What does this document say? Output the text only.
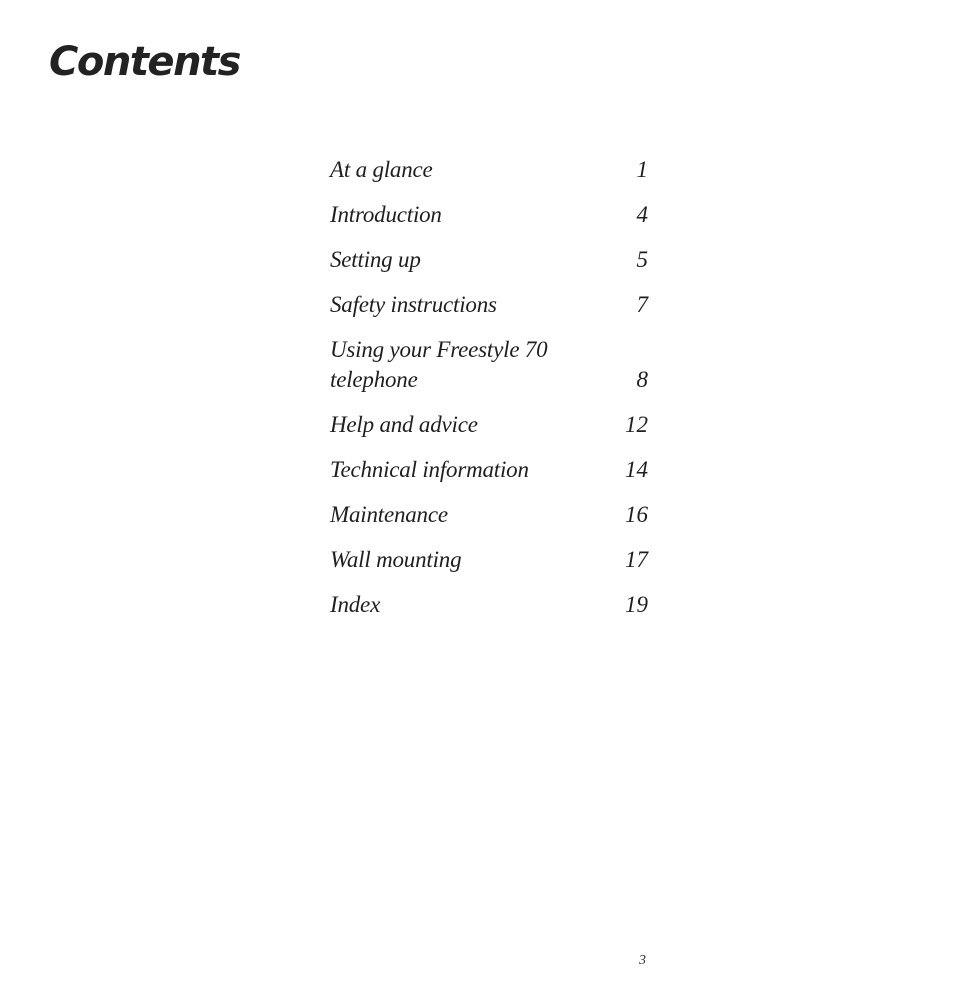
Contents
At a glance	1
Introduction	4
Setting up	5
Safety instructions	7
Using your Freestyle 70
telephone	8
Help and advice	12
Technical information	14
Maintenance	16
Wall mounting	17
Index	19
3
